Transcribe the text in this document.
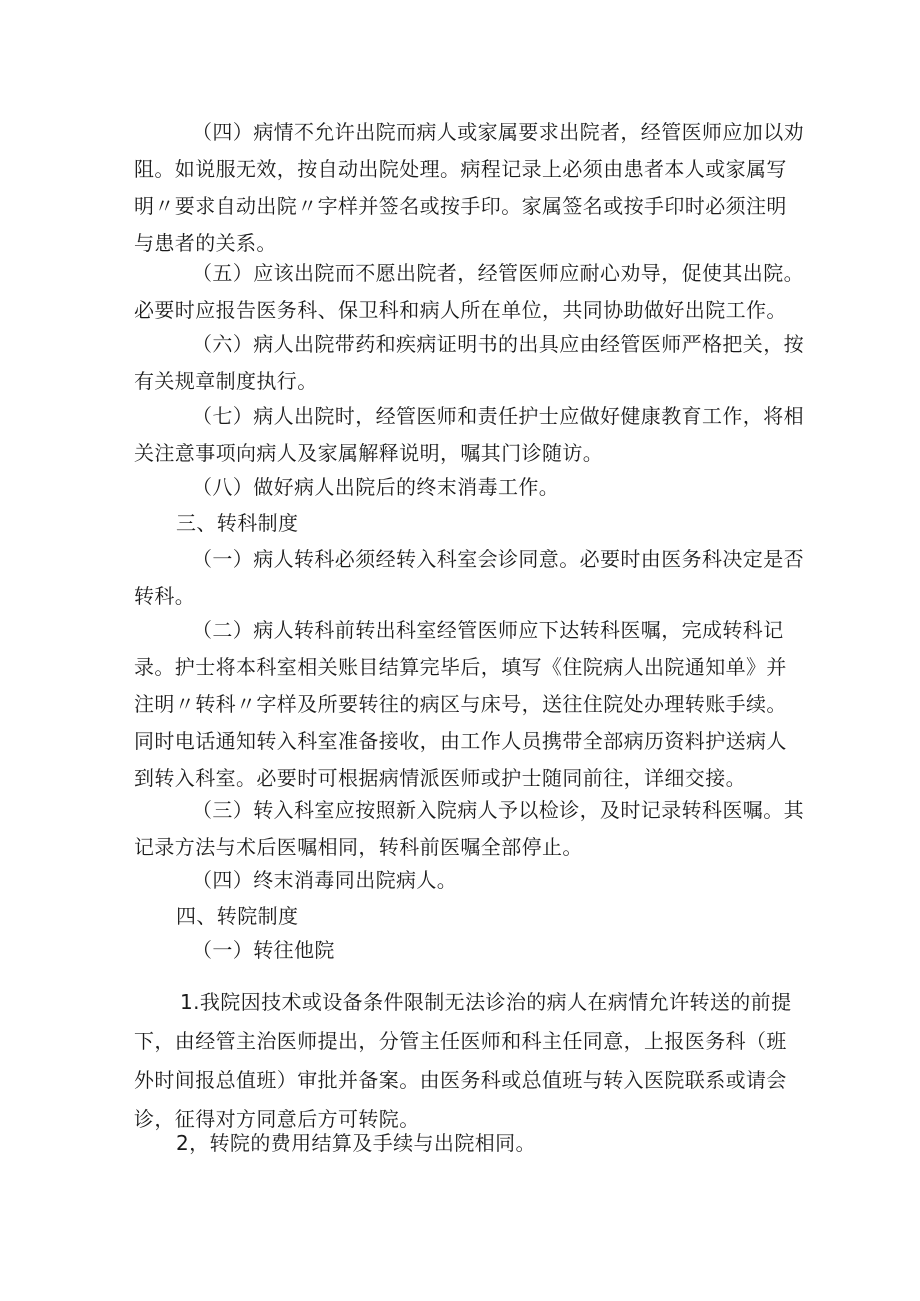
（四）病情不允许出院而病人或家属要求出院者，经管医师应加以劝阻。如说服无效，按自动出院处理。病程记录上必须由患者本人或家属写明〃要求自动出院〃字样并签名或按手印。家属签名或按手印时必须注明与患者的关系。

（五）应该出院而不愿出院者，经管医师应耐心劝导，促使其出院。必要时应报告医务科、保卫科和病人所在单位，共同协助做好出院工作。

（六）病人出院带药和疾病证明书的出具应由经管医师严格把关，按有关规章制度执行。

（七）病人出院时，经管医师和责任护士应做好健康教育工作，将相关注意事项向病人及家属解释说明，嘱其门诊随访。

（八）做好病人出院后的终末消毒工作。

三、转科制度

（一）病人转科必须经转入科室会诊同意。必要时由医务科决定是否转科。

（二）病人转科前转出科室经管医师应下达转科医嘱，完成转科记录。护士将本科室相关账目结算完毕后，填写《住院病人出院通知单》并注明〃转科〃字样及所要转往的病区与床号，送往住院处办理转账手续。同时电话通知转入科室准备接收，由工作人员携带全部病历资料护送病人到转入科室。必要时可根据病情派医师或护士随同前往，详细交接。

（三）转入科室应按照新入院病人予以检诊，及时记录转科医嘱。其记录方法与术后医嘱相同，转科前医嘱全部停止。

（四）终末消毒同出院病人。

四、转院制度

（一）转往他院

1.我院因技术或设备条件限制无法诊治的病人在病情允许转送的前提下，由经管主治医师提出，分管主任医师和科主任同意，上报医务科（班外时间报总值班）审批并备案。由医务科或总值班与转入医院联系或请会诊，征得对方同意后方可转院。

2，转院的费用结算及手续与出院相同。
